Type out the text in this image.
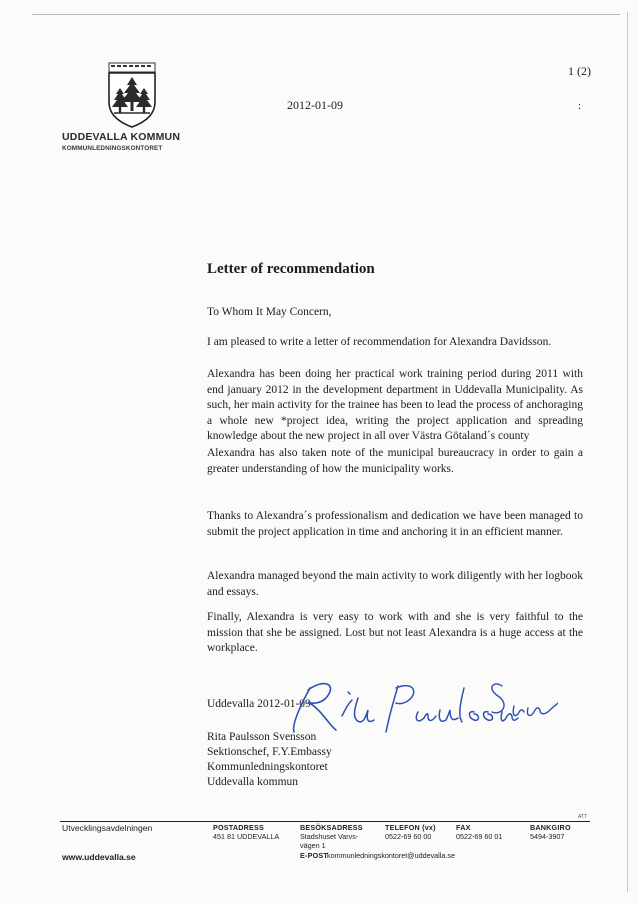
UDDEVALLA KOMMUN
KOMMUNLEDNINGSKONTORET
1 (2)
2012-01-09	:
Letter of recommendation

To Whom It May Concern,

I am pleased to write a letter of recommendation for Alexandra Davidsson.

Alexandra has been doing her practical work training period during 2011 with end january 2012 in the development department in Uddevalla Municipality. As such, her main activity for the trainee has been to lead the process of anchoraging a whole new *project idea, writing the project application and spreading knowledge about the new project in all over Västra Götaland´s county

Alexandra has also taken note of the municipal bureaucracy in order to gain a greater understanding of how the municipality works.

Thanks to Alexandra´s professionalism and dedication we have been managed to submit the project application in time and anchoring it in an efficient manner.

Alexandra managed beyond the main activity to work diligently with her logbook and essays.

Finally, Alexandra is very easy to work with and she is very faithful to the mission that she be assigned. Lost but not least Alexandra is a huge access at the workplace.

Uddevalla 2012-01-09
Rita Paulsson Svensson
Sektionschef, F.Y.Embassy
Kommunledningskontoret
Uddevalla kommun
ATT
Utvecklingsavdelningen
www.uddevalla.se
POSTADRESS
451 81 UDDEVALLA
BESÖKSADRESS
Stadshuset Varvs-
vägen 1
TELEFON (vx)
0522-69 60 00
FAX
0522-69 60 01
BANKGIRO
5494-3907
E-POST kommunledningskontoret@uddevalla.se
